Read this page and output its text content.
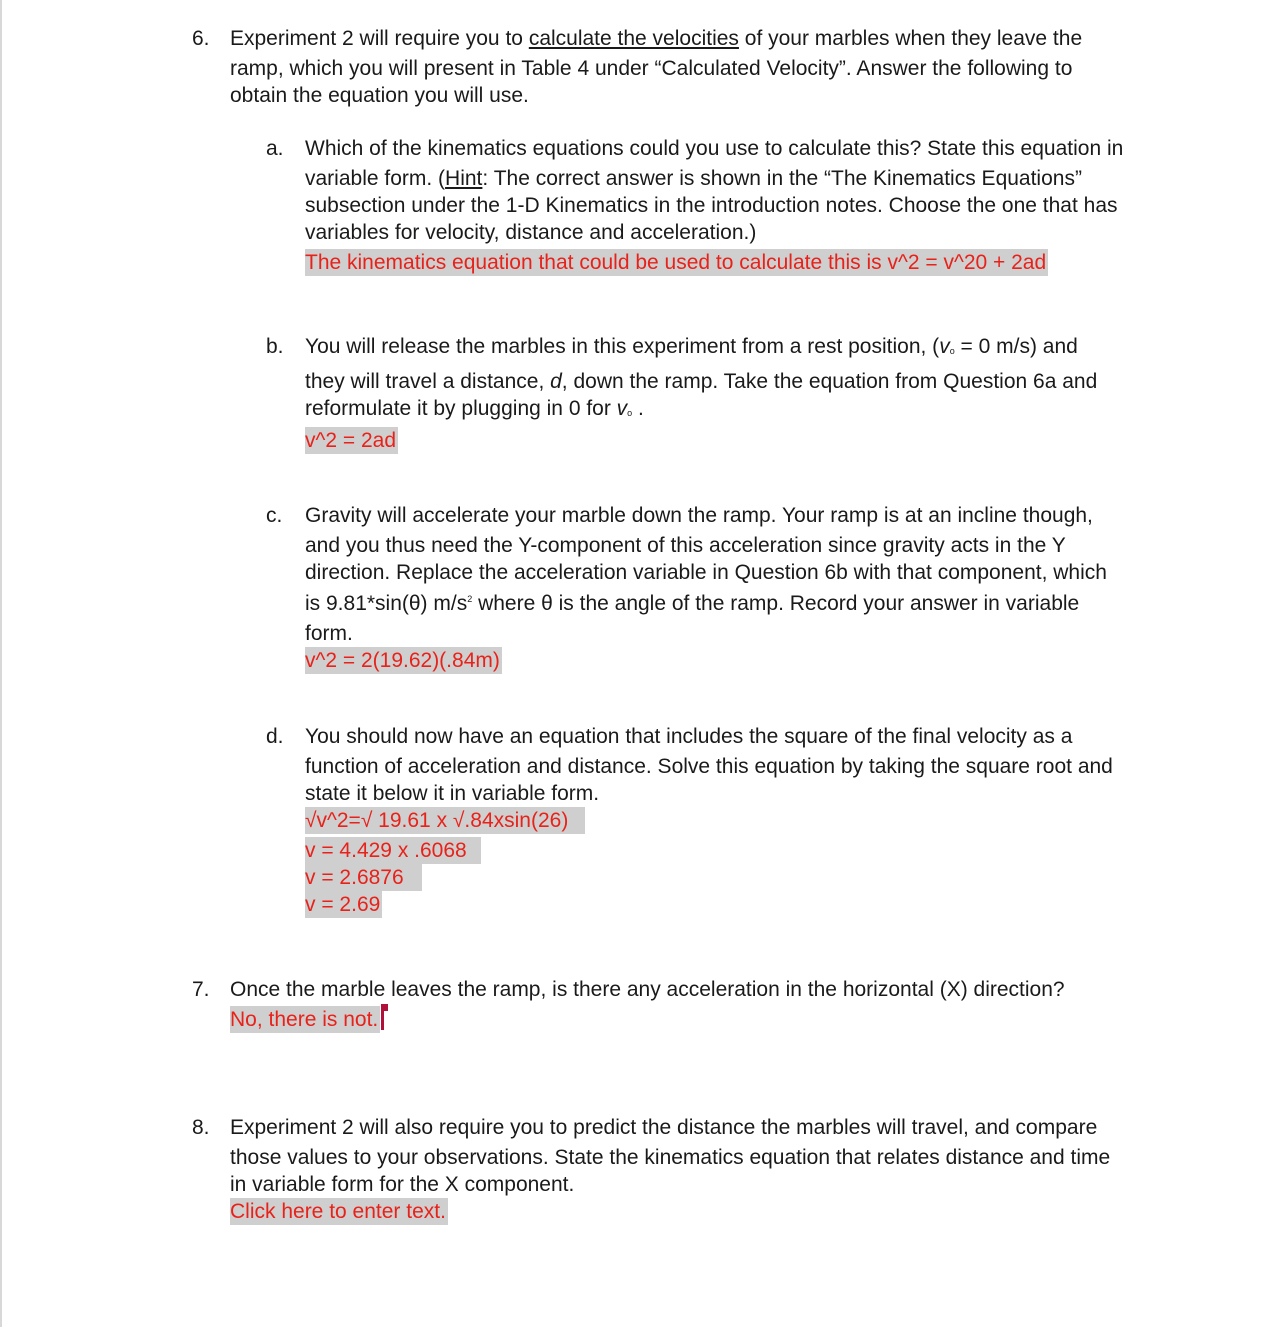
6. Experiment 2 will require you to calculate the velocities of your marbles when they leave the
ramp, which you will present in Table 4 under “Calculated Velocity”. Answer the following to
obtain the equation you will use.
a. Which of the kinematics equations could you use to calculate this? State this equation in
variable form. (Hint: The correct answer is shown in the “The Kinematics Equations”
subsection under the 1-D Kinematics in the introduction notes. Choose the one that has
variables for velocity, distance and acceleration.)
The kinematics equation that could be used to calculate this is v^2 = v^20 + 2ad
b. You will release the marbles in this experiment from a rest position, ($v_o = 0$ m/s) and
they will travel a distance, d, down the ramp. Take the equation from Question 6a and
reformulate it by plugging in 0 for $v_o$ .
v^2 = 2ad
c. Gravity will accelerate your marble down the ramp. Your ramp is at an incline though,
and you thus need the Y-component of this acceleration since gravity acts in the Y
direction. Replace the acceleration variable in Question 6b with that component, which
is 9.81*sin(θ) $m/s^2$ where θ is the angle of the ramp. Record your answer in variable
form.
v^2 = 2(19.62)(.84m)
d. You should now have an equation that includes the square of the final velocity as a
function of acceleration and distance. Solve this equation by taking the square root and
state it below it in variable form.
√v^2=√ 19.61 x √.84xsin(26)
v = 4.429 x .6068
v = 2.6876
v = 2.69
7. Once the marble leaves the ramp, is there any acceleration in the horizontal (X) direction?
No, there is not.
8. Experiment 2 will also require you to predict the distance the marbles will travel, and compare
those values to your observations. State the kinematics equation that relates distance and time
in variable form for the X component.
Click here to enter text.
